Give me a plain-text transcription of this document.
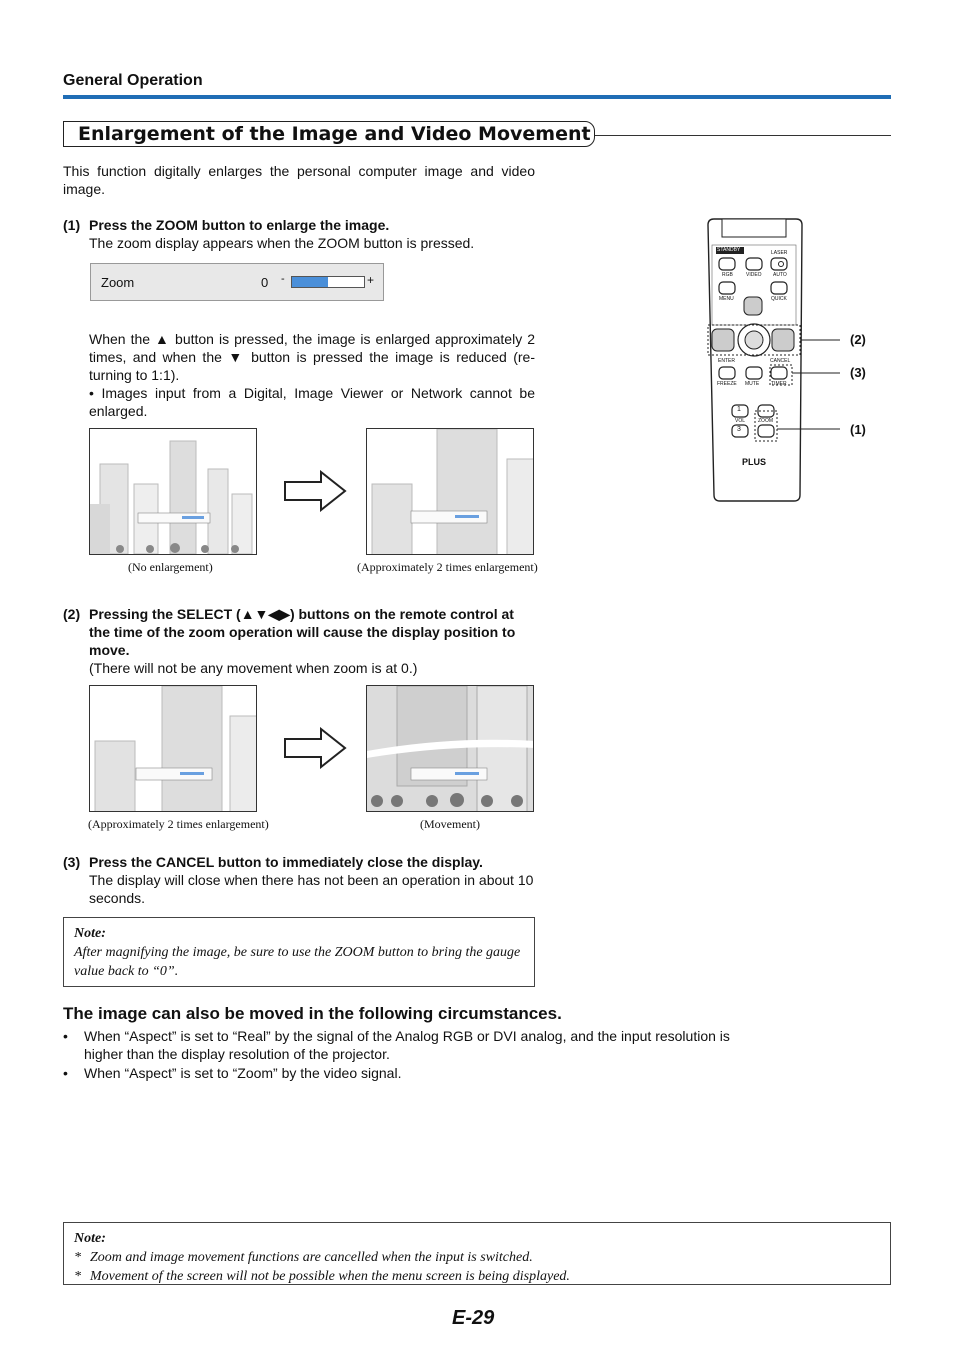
General Operation
Enlargement of the Image and Video Movement
This function digitally enlarges the personal computer image and video image.
(1) Press the ZOOM button to enlarge the image.
The zoom display appears when the ZOOM button is pressed.
Zoom	0 -	+
When the ▲ button is pressed, the image is enlarged approximately 2 times, and when the ▼ button is pressed the image is reduced (re-turning to 1:1).
• Images input from a Digital, Image Viewer or Network cannot be enlarged.
(No enlargement)	(Approximately 2 times enlargement)
(2) Pressing the SELECT (▲▼◀▶) buttons on the remote control at the time of the zoom operation will cause the display position to move.
(There will not be any movement when zoom is at 0.)
(Approximately 2 times enlargement)	(Movement)
(3) Press the CANCEL button to immediately close the display.
The display will close when there has not been an operation in about 10 seconds.
Note:
After magnifying the image, be sure to use the ZOOM button to bring the gauge value back to “0”.
The image can also be moved in the following circumstances.
• When “Aspect” is set to “Real” by the signal of the Analog RGB or DVI analog, and the input resolution is higher than the display resolution of the projector.
• When “Aspect” is set to “Zoom” by the video signal.
Note:
* Zoom and image movement functions are cancelled when the input is switched.
* Movement of the screen will not be possible when the menu screen is being displayed.
STANDBY	LASER
RGB	VIDEO AUTO
MENU	QUICK
ENTER	CANCEL
FREEZE MUTE TIMER
1
VOL
3
ZOOM
PLUS
(2)
(3)
(1)
E-29
